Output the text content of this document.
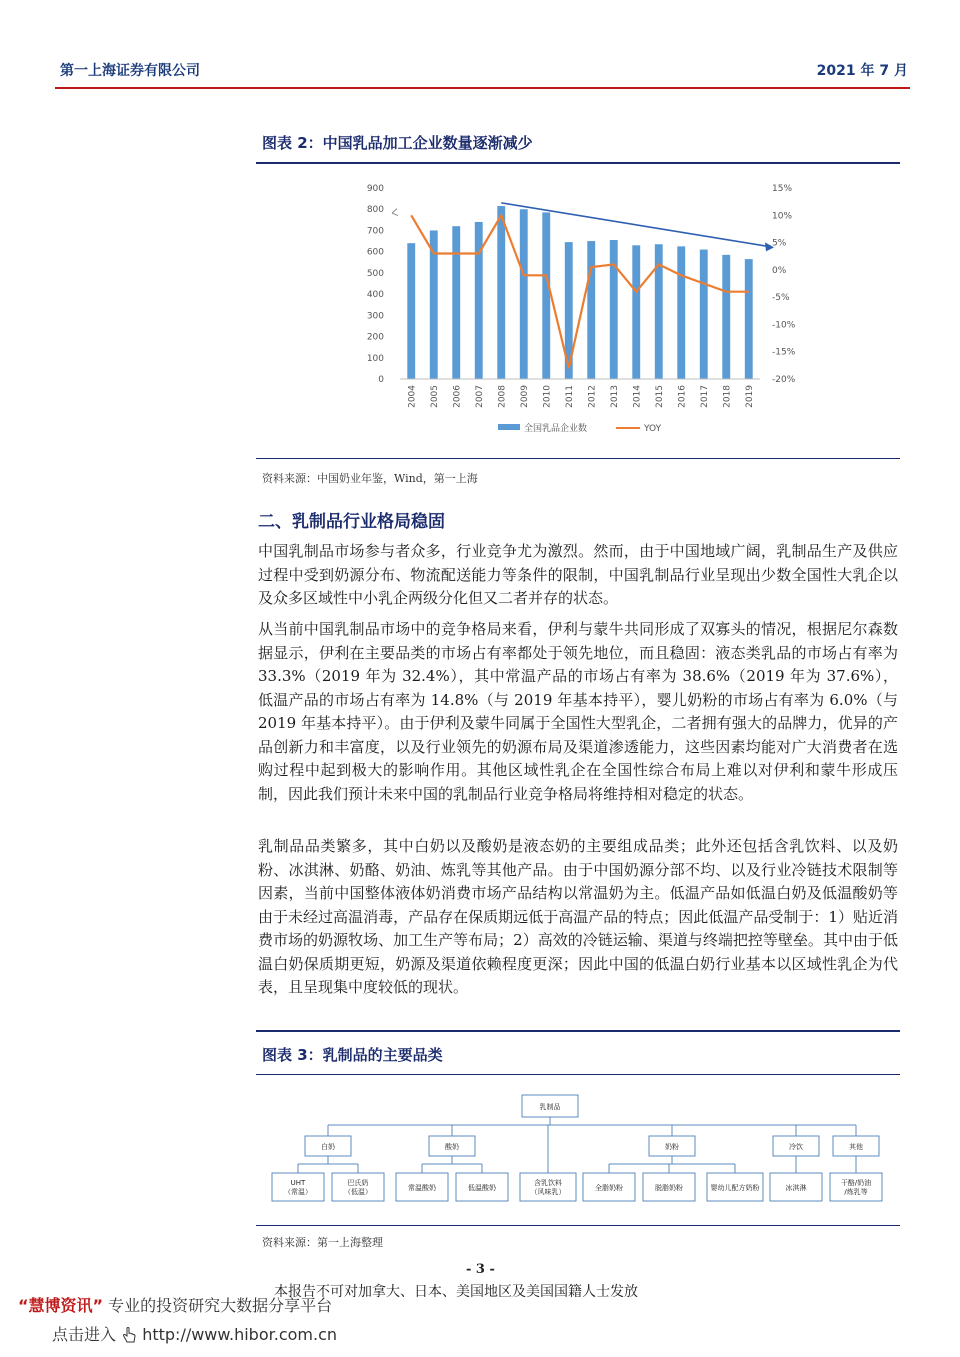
第一上海证券有限公司	2021 年 7 月
图表 2：中国乳品加工企业数量逐渐减少
0
100
200
300
400
500
600
700
800
900
-20%
-15%
-10%
-5%
0%
5%
10%
15%
2004 2005 2006 2007 2008 2009 2010 2011 2012 2013 2014 2015 2016 2017 2018 2019
全国乳品企业数	YOY
资料来源：中国奶业年鉴，Wind，第一上海
二、乳制品行业格局稳固

中国乳制品市场参与者众多，行业竞争尤为激烈。然而，由于中国地域广阔，乳制品生产及供应过程中受到奶源分布、物流配送能力等条件的限制，中国乳制品行业呈现出少数全国性大乳企以及众多区域性中小乳企两级分化但又二者并存的状态。

从当前中国乳制品市场中的竞争格局来看，伊利与蒙牛共同形成了双寡头的情况，根据尼尔森数据显示，伊利在主要品类的市场占有率都处于领先地位，而且稳固：液态类乳品的市场占有率为 33.3%（2019 年为 32.4%），其中常温产品的市场占有率为 38.6%（2019 年为 37.6%）， 低温产品的市场占有率为 14.8%（与 2019 年基本持平），婴儿奶粉的市场占有率为 6.0%（与 2019 年基本持平）。由于伊利及蒙牛同属于全国性大型乳企，二者拥有强大的品牌力，优异的产品创新力和丰富度，以及行业领先的奶源布局及渠道渗透能力，这些因素均能对广大消费者在选购过程中起到极大的影响作用。其他区域性乳企在全国性综合布局上难以对伊利和蒙牛形成压制，因此我们预计未来中国的乳制品行业竞争格局将维持相对稳定的状态。

乳制品品类繁多，其中白奶以及酸奶是液态奶的主要组成品类；此外还包括含乳饮料、以及奶粉、冰淇淋、奶酪、奶油、炼乳等其他产品。由于中国奶源分部不均、以及行业冷链技术限制等因素，当前中国整体液体奶消费市场产品结构以常温奶为主。低温产品如低温白奶及低温酸奶等由于未经过高温消毒，产品存在保质期远低于高温产品的特点；因此低温产品受制于：1）贴近消费市场的奶源牧场、加工生产等布局；2）高效的冷链运输、渠道与终端把控等壁垒。其中由于低温白奶保质期更短，奶源及渠道依赖程度更深；因此中国的低温白奶行业基本以区域性乳企为代表，且呈现集中度较低的现状。

图表 3：乳制品的主要品类
乳制品
白奶	酸奶	奶粉	冷饮	其他
UHT
（常温）
巴氏奶
（低温）	常温酸奶	低温酸奶
含乳饮料
（风味乳）	全脂奶粉	脱脂奶粉	婴幼儿配方奶粉	冰淇淋
干酪/奶油
/炼乳等
资料来源：第一上海整理
- 3 -
本报告不可对加拿大、日本、美国地区及美国国籍人士发放
“慧博资讯” 专业的投资研究大数据分享平台
点击进入 http://www.hibor.com.cn
